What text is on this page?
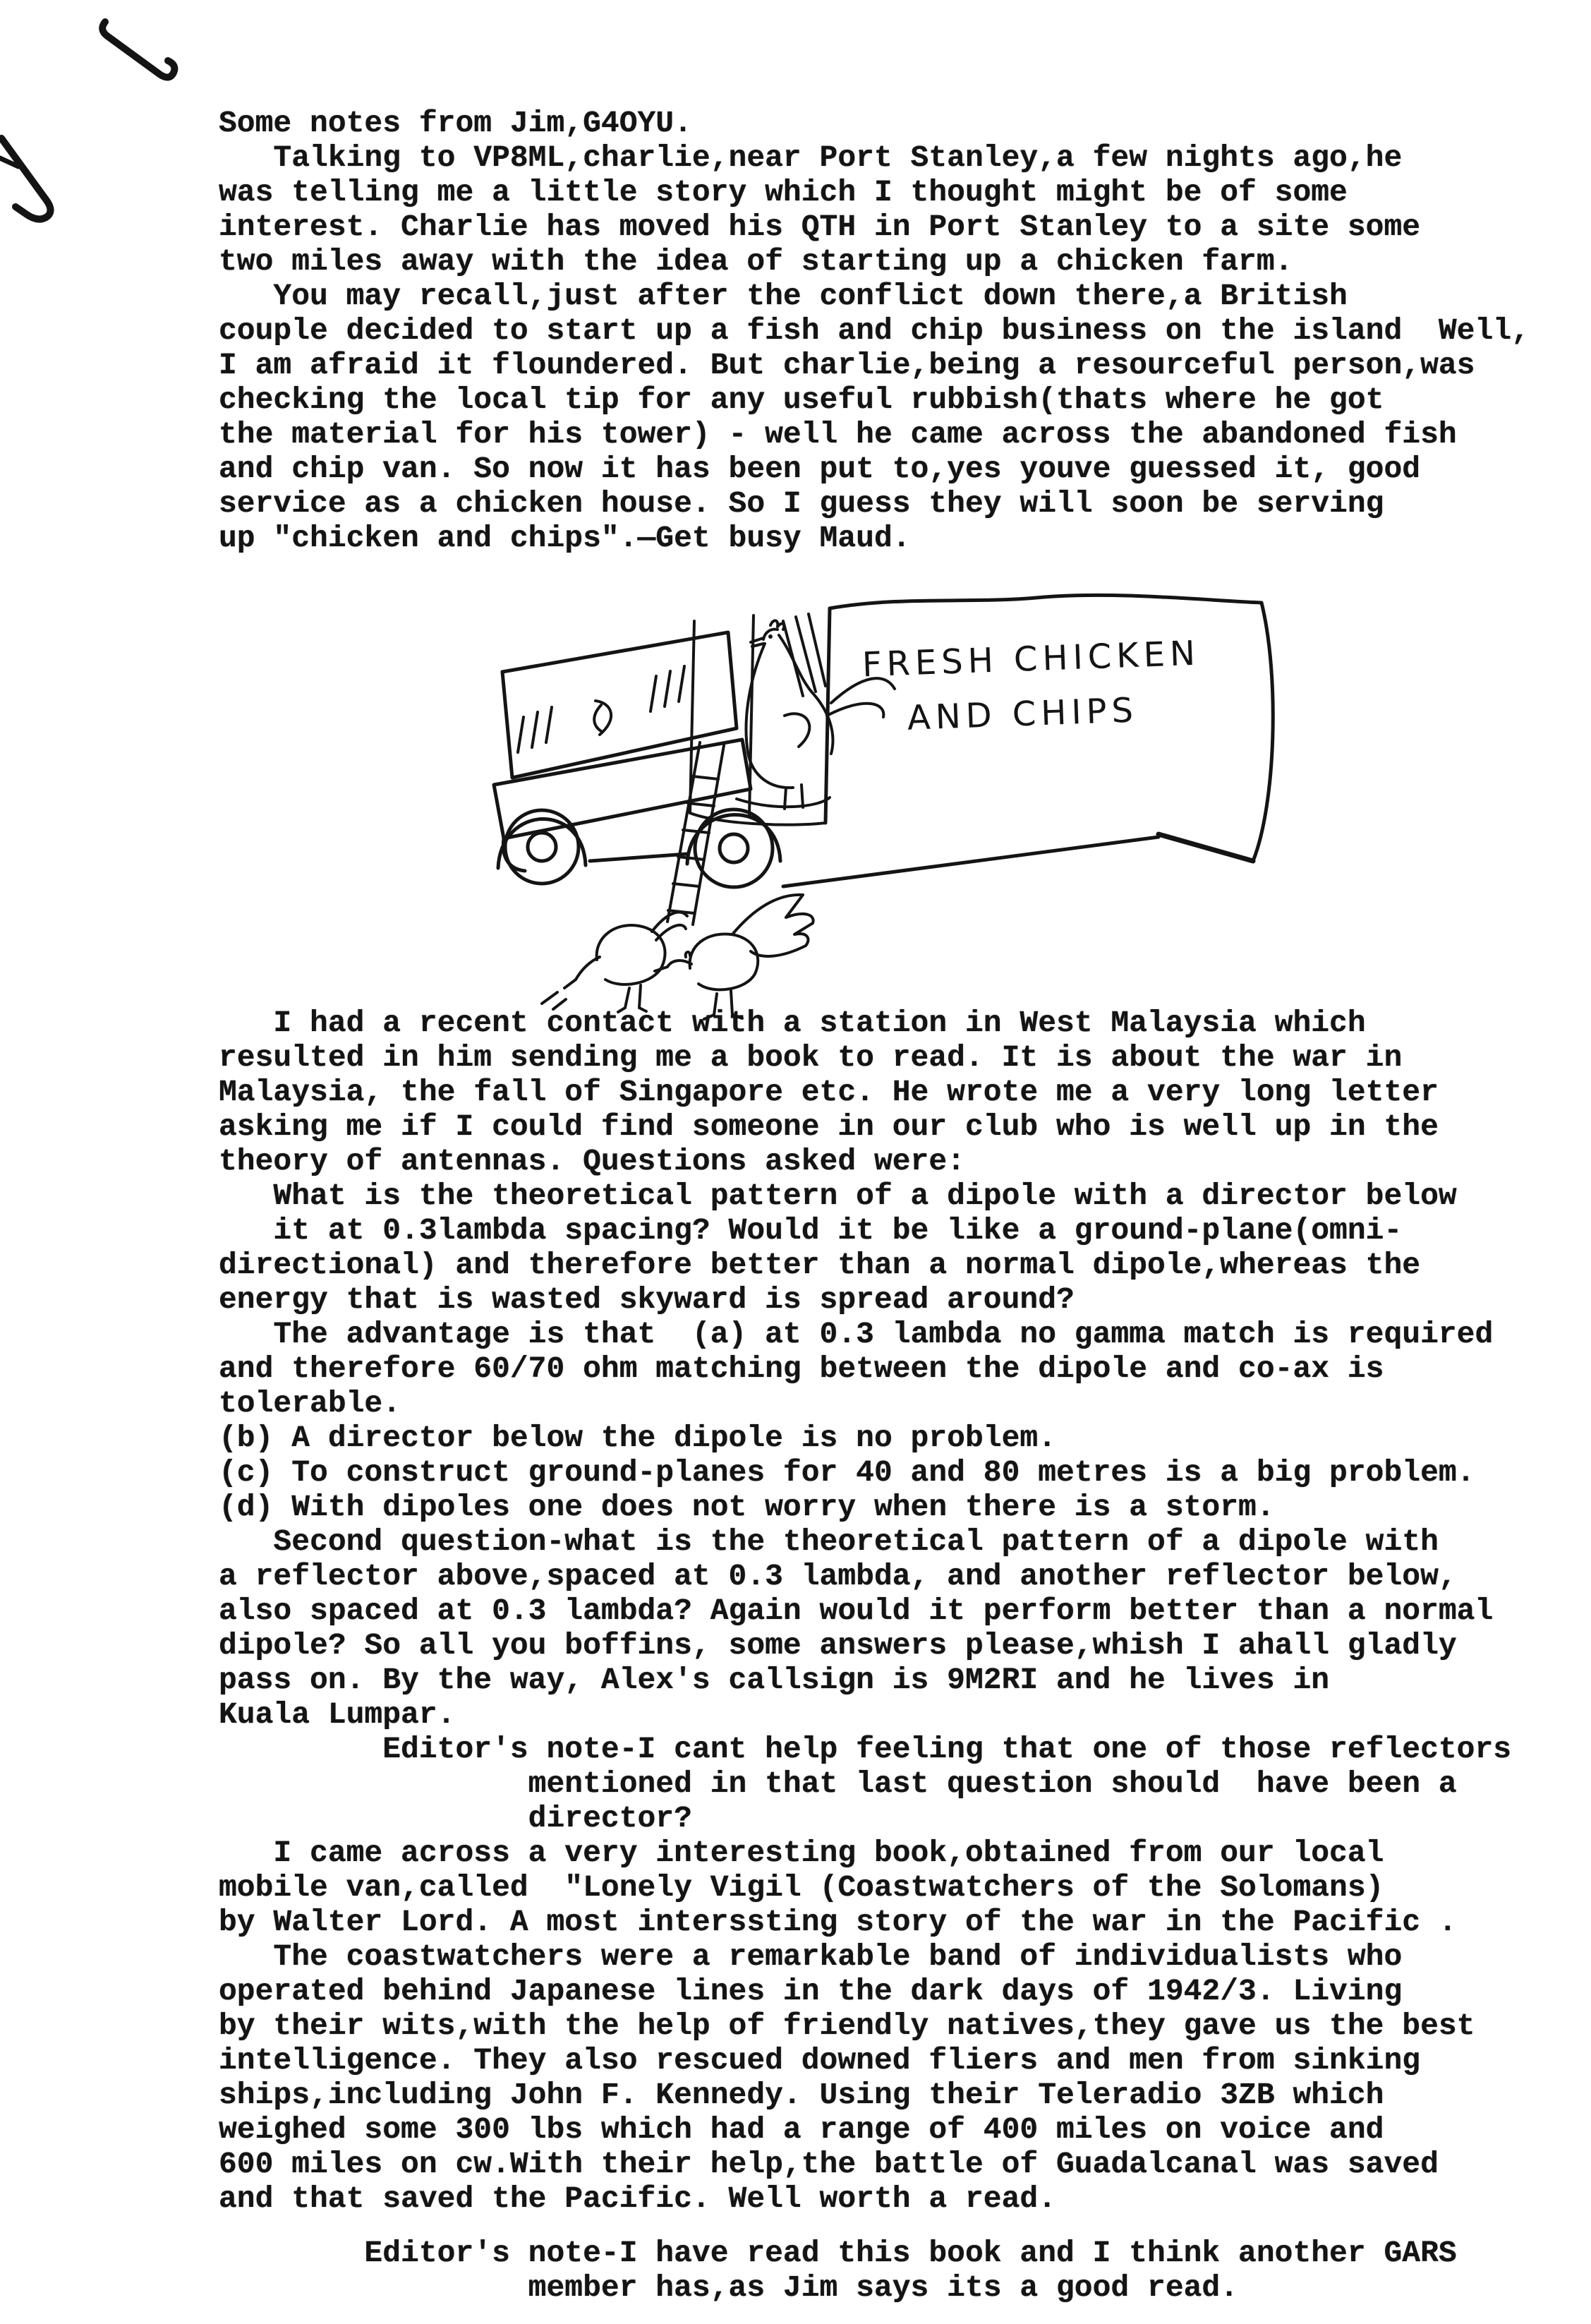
Some notes from Jim,G4OYU.
Talking to VP8ML,charlie,near Port Stanley,a few nights ago,he
was telling me a little story which I thought might be of some
interest. Charlie has moved his QTH in Port Stanley to a site some
two miles away with the idea of starting up a chicken farm.
You may recall,just after the conflict down there,a British
couple decided to start up a fish and chip business on the island  Well,
I am afraid it floundered. But charlie,being a resourceful person,was
checking the local tip for any useful rubbish(thats where he got
the material for his tower) - well he came across the abandoned fish
and chip van. So now it has been put to,yes youve guessed it, good
service as a chicken house. So I guess they will soon be serving
up "chicken and chips".—Get busy Maud.
FRESH CHICKEN
AND CHIPS
I had a recent contact with a station in West Malaysia which
resulted in him sending me a book to read. It is about the war in
Malaysia, the fall of Singapore etc. He wrote me a very long letter
asking me if I could find someone in our club who is well up in the
theory of antennas. Questions asked were:
What is the theoretical pattern of a dipole with a director below
it at 0.3lambda spacing? Would it be like a ground-plane(omni-
directional) and therefore better than a normal dipole,whereas the
energy that is wasted skyward is spread around?
The advantage is that  (a) at 0.3 lambda no gamma match is required
and therefore 60/70 ohm matching between the dipole and co-ax is
tolerable.
(b) A director below the dipole is no problem.
(c) To construct ground-planes for 40 and 80 metres is a big problem.
(d) With dipoles one does not worry when there is a storm.
Second question-what is the theoretical pattern of a dipole with
a reflector above,spaced at 0.3 lambda, and another reflector below,
also spaced at 0.3 lambda? Again would it perform better than a normal
dipole? So all you boffins, some answers please,whish I ahall gladly
pass on. By the way, Alex's callsign is 9M2RI and he lives in
Kuala Lumpar.
Editor's note-I cant help feeling that one of those reflectors
mentioned in that last question should  have been a
director?
I came across a very interesting book,obtained from our local
mobile van,called  "Lonely Vigil (Coastwatchers of the Solomans)
by Walter Lord. A most interssting story of the war in the Pacific .
The coastwatchers were a remarkable band of individualists who
operated behind Japanese lines in the dark days of 1942/3. Living
by their wits,with the help of friendly natives,they gave us the best
intelligence. They also rescued downed fliers and men from sinking
ships,including John F. Kennedy. Using their Teleradio 3ZB which
weighed some 300 lbs which had a range of 400 miles on voice and
600 miles on cw.With their help,the battle of Guadalcanal was saved
and that saved the Pacific. Well worth a read.
Editor's note-I have read this book and I think another GARS
member has,as Jim says its a good read.
